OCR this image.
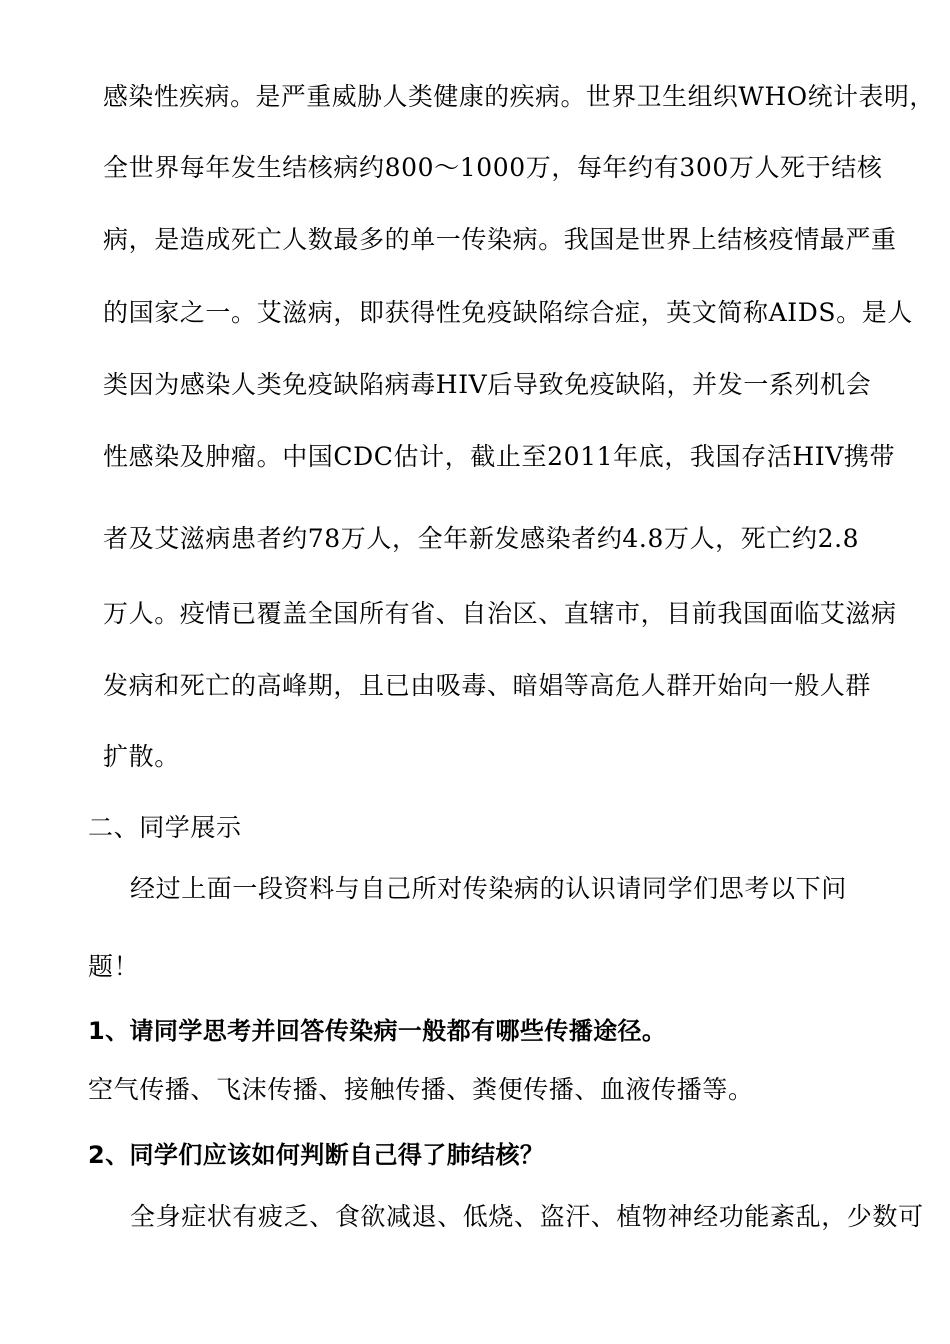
感染性疾病。是严重威胁人类健康的疾病。世界卫生组织WHO统计表明，
全世界每年发生结核病约800～1000万，每年约有300万人死于结核
病，是造成死亡人数最多的单一传染病。我国是世界上结核疫情最严重
的国家之一。艾滋病，即获得性免疫缺陷综合症，英文简称AIDS。是人
类因为感染人类免疫缺陷病毒HIV后导致免疫缺陷，并发一系列机会
性感染及肿瘤。中国CDC估计，截止至2011年底，我国存活HIV携带
者及艾滋病患者约78万人，全年新发感染者约4.8万人，死亡约2.8
万人。疫情已覆盖全国所有省、自治区、直辖市，目前我国面临艾滋病
发病和死亡的高峰期，且已由吸毒、暗娼等高危人群开始向一般人群
扩散。
二、同学展示
经过上面一段资料与自己所对传染病的认识请同学们思考以下问
题！
1、请同学思考并回答传染病一般都有哪些传播途径。
空气传播、飞沫传播、接触传播、粪便传播、血液传播等。
2、同学们应该如何判断自己得了肺结核？
全身症状有疲乏、食欲减退、低烧、盗汗、植物神经功能紊乱，少数可
